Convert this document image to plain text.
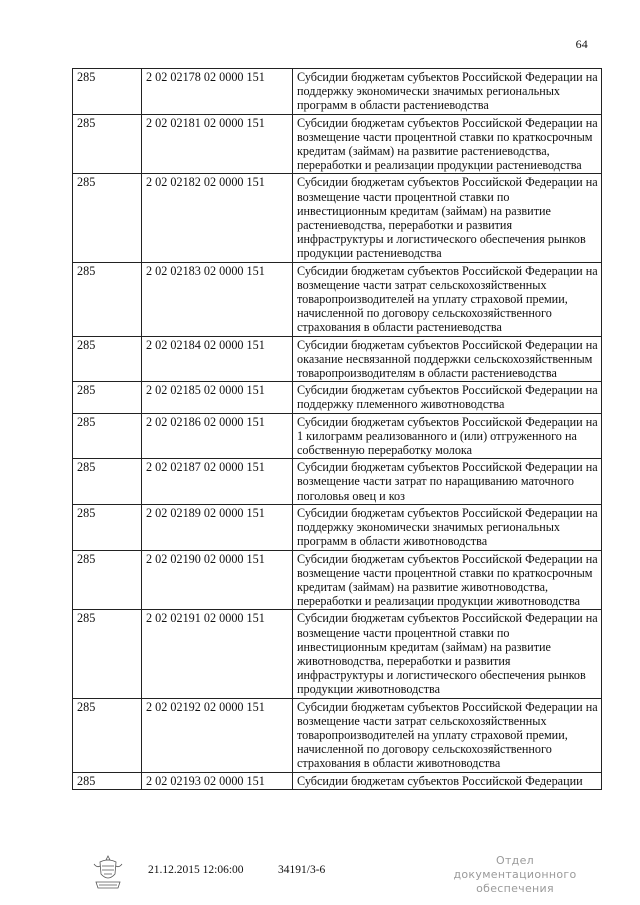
64
285	2 02 02178 02 0000 151	Субсидии бюджетам субъектов Российской Федерации на поддержку экономически значимых региональных программ в области растениеводства
285	2 02 02181 02 0000 151	Субсидии бюджетам субъектов Российской Федерации на возмещение части процентной ставки по краткосрочным кредитам (займам) на развитие растениеводства, переработки и реализации продукции растениеводства
285	2 02 02182 02 0000 151	Субсидии бюджетам субъектов Российской Федерации на возмещение части процентной ставки по инвестиционным кредитам (займам) на развитие растениеводства, переработки и развития инфраструктуры и логистического обеспечения рынков продукции растениеводства
285	2 02 02183 02 0000 151	Субсидии бюджетам субъектов Российской Федерации на возмещение части затрат сельскохозяйственных товаропроизводителей на уплату страховой премии, начисленной по договору сельскохозяйственного страхования в области растениеводства
285	2 02 02184 02 0000 151	Субсидии бюджетам субъектов Российской Федерации на оказание несвязанной поддержки сельскохозяйственным товаропроизводителям в области растениеводства
285	2 02 02185 02 0000 151	Субсидии бюджетам субъектов Российской Федерации на поддержку племенного животноводства
285	2 02 02186 02 0000 151	Субсидии бюджетам субъектов Российской Федерации на 1 килограмм реализованного и (или) отгруженного на собственную переработку молока
285	2 02 02187 02 0000 151	Субсидии бюджетам субъектов Российской Федерации на возмещение части затрат по наращиванию маточного поголовья овец и коз
285	2 02 02189 02 0000 151	Субсидии бюджетам субъектов Российской Федерации на поддержку экономически значимых региональных программ в области животноводства
285	2 02 02190 02 0000 151	Субсидии бюджетам субъектов Российской Федерации на возмещение части процентной ставки по краткосрочным кредитам (займам) на развитие животноводства, переработки и реализации продукции животноводства
285	2 02 02191 02 0000 151	Субсидии бюджетам субъектов Российской Федерации на возмещение части процентной ставки по инвестиционным кредитам (займам) на развитие животноводства, переработки и развития инфраструктуры и логистического обеспечения рынков продукции животноводства
285	2 02 02192 02 0000 151	Субсидии бюджетам субъектов Российской Федерации на возмещение части затрат сельскохозяйственных товаропроизводителей на уплату страховой премии, начисленной по договору сельскохозяйственного страхования в области животноводства
285	2 02 02193 02 0000 151	Субсидии бюджетам субъектов Российской Федерации
21.12.2015 12:06:00	34191/3-6
Отдел документационного
обеспечения
